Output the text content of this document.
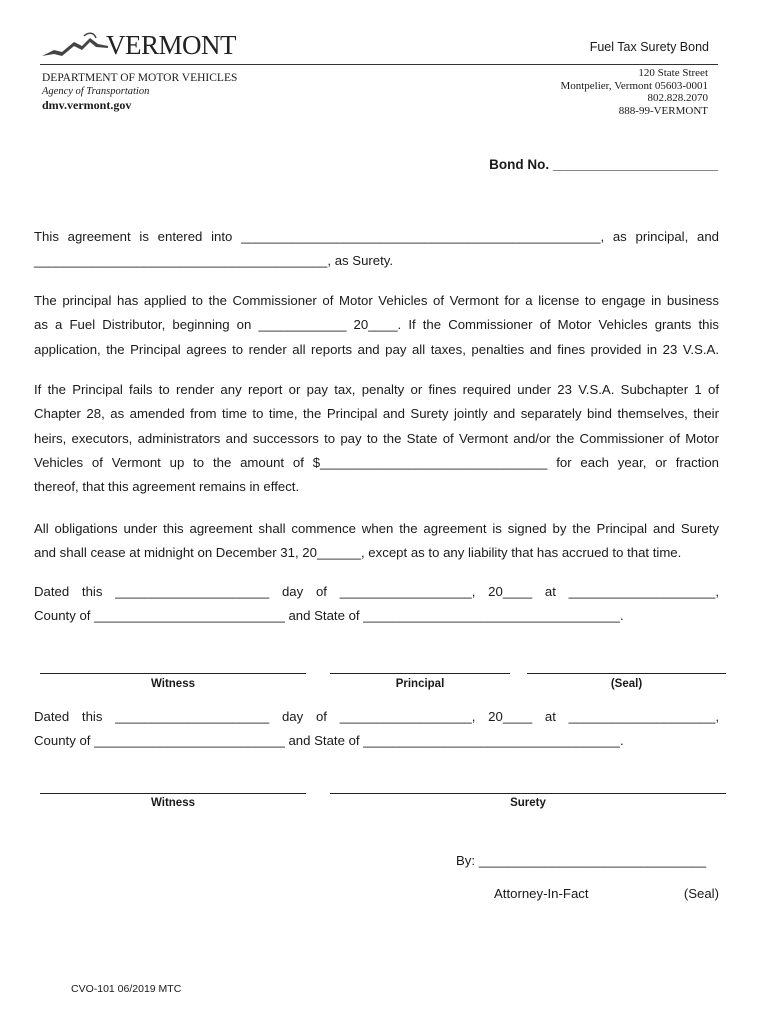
VERMONT	Fuel Tax Surety Bond
DEPARTMENT OF MOTOR VEHICLES
Agency of Transportation
dmv.vermont.gov
120 State Street
Montpelier, Vermont 05603-0001
802.828.2070
888-99-VERMONT
Bond No. ______________________
This agreement is entered into _________________________________________________, as principal, and
________________________________________, as Surety.
The principal has applied to the Commissioner of Motor Vehicles of Vermont for a license to engage in business
as a Fuel Distributor, beginning on ____________ 20____. If the Commissioner of Motor Vehicles grants this
application, the Principal agrees to render all reports and pay all taxes, penalties and fines provided in 23 V.S.A.
If the Principal fails to render any report or pay tax, penalty or fines required under 23 V.S.A. Subchapter 1 of
Chapter 28, as amended from time to time, the Principal and Surety jointly and separately bind themselves, their
heirs, executors, administrators and successors to pay to the State of Vermont and/or the Commissioner of Motor
Vehicles of Vermont up to the amount of $_______________________________ for each year, or fraction
thereof, that this agreement remains in effect.
All obligations under this agreement shall commence when the agreement is signed by the Principal and Surety
and shall cease at midnight on December 31, 20______, except as to any liability that has accrued to that time.
Dated this _____________________ day of __________________, 20____ at ____________________,
County of __________________________ and State of ___________________________________.
Witness	Principal	(Seal)
Dated this _____________________ day of __________________, 20____ at ____________________,
County of __________________________ and State of ___________________________________.
Witness	Surety
By: _______________________________
Attorney-In-Fact	(Seal)
CVO-101 06/2019 MTC
